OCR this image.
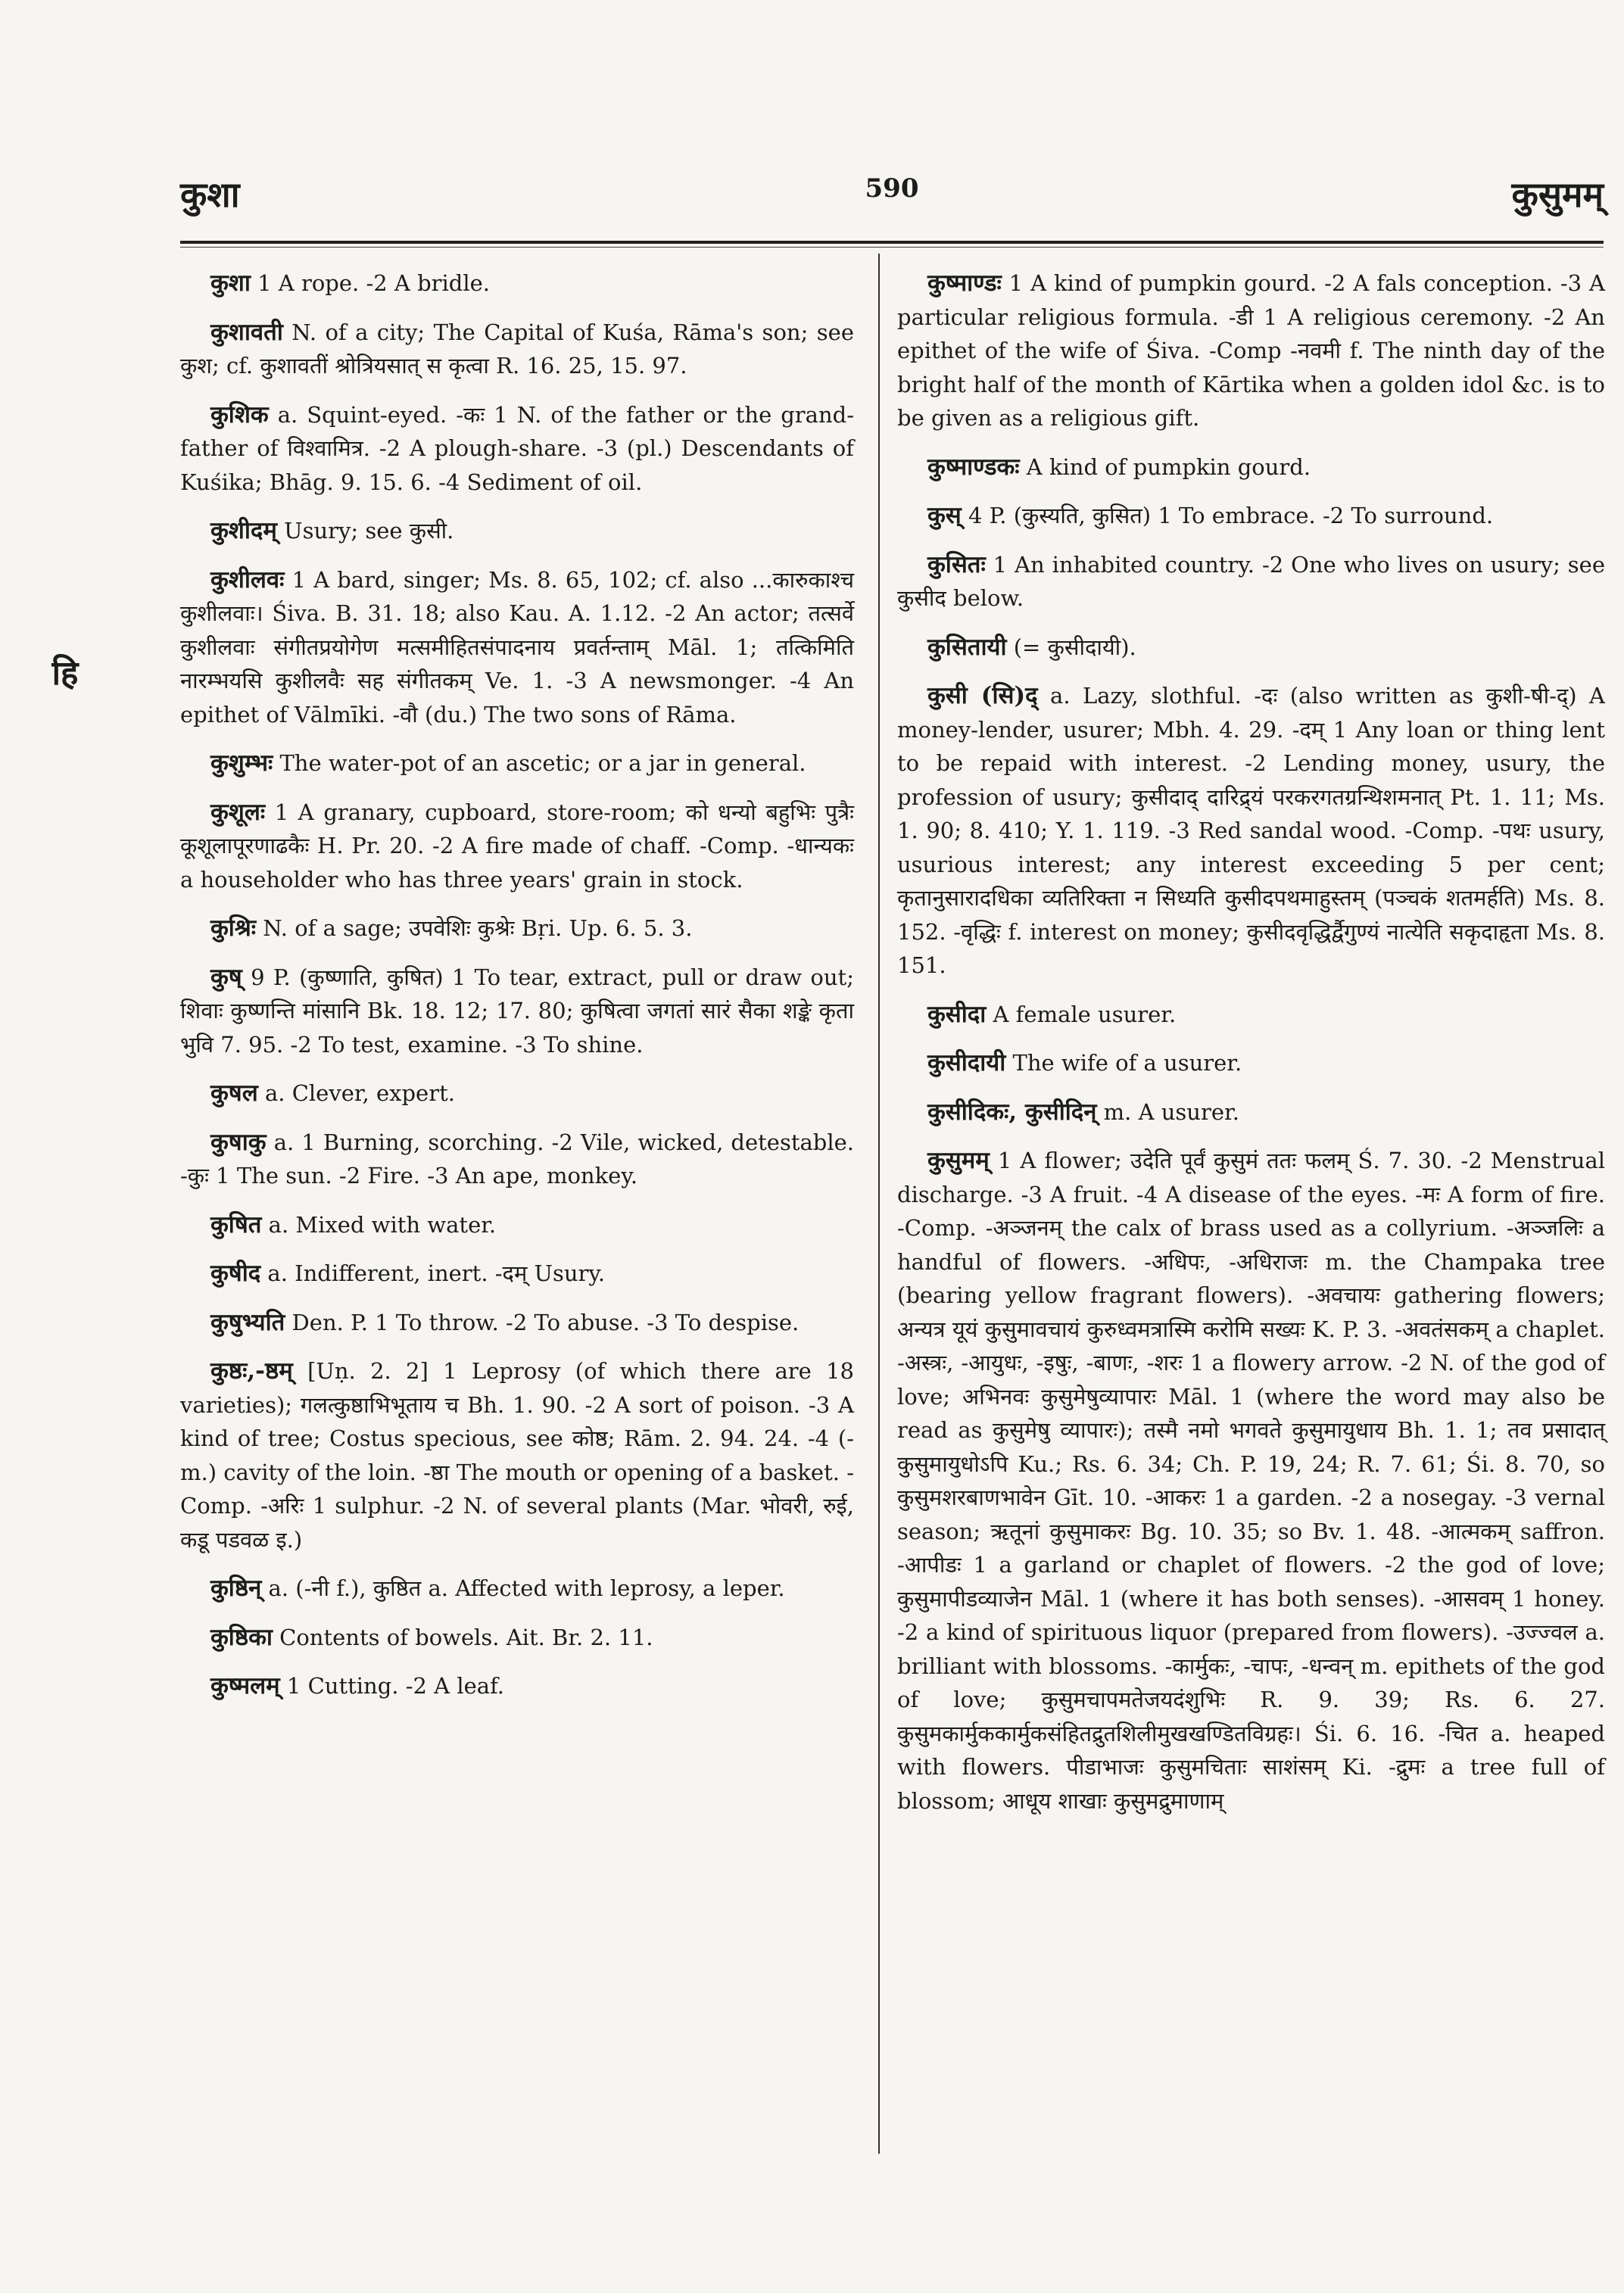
कुशा	590	कुसुमम्
हि

कुशा 1 A rope. -2 A bridle.

कुशावती N. of a city; The Capital of Kuśa, Rāma's son; see कुश; cf. कुशावतीं श्रोत्रियसात् स कृत्वा R. 16. 25, 15. 97.

कुशिक a. Squint-eyed. -कः 1 N. of the father or the grand-father of विश्वामित्र. -2 A plough-share. -3 (pl.) Descendants of Kuśika; Bhāg. 9. 15. 6. -4 Sediment of oil.

कुशीदम् Usury; see कुसी.

कुशीलवः 1 A bard, singer; Ms. 8. 65, 102; cf. also ...कारुकाश्च कुशीलवाः। Śiva. B. 31. 18; also Kau. A. 1.12. -2 An actor; तत्सर्वे कुशीलवाः संगीतप्रयोगेण मत्समीहितसंपादनाय प्रवर्तन्ताम् Māl. 1; तत्किमिति नारम्भयसि कुशीलवैः सह संगीतकम् Ve. 1. -3 A newsmonger. -4 An epithet of Vālmīki. -वौ (du.) The two sons of Rāma.

कुशुम्भः The water-pot of an ascetic; or a jar in general.

कुशूलः 1 A granary, cupboard, store-room; को धन्यो बहुभिः पुत्रैः कूशूलापूरणाढकैः H. Pr. 20. -2 A fire made of chaff. -Comp. -धान्यकः a householder who has three years' grain in stock.

कुश्रिः N. of a sage; उपवेशिः कुश्रेः Bṛi. Up. 6. 5. 3.

कुष् 9 P. (कुष्णाति, कुषित) 1 To tear, extract, pull or draw out; शिवाः कुष्णन्ति मांसानि Bk. 18. 12; 17. 80; कुषित्वा जगतां सारं सैका शङ्के कृता भुवि 7. 95. -2 To test, examine. -3 To shine.

कुषल a. Clever, expert.

कुषाकु a. 1 Burning, scorching. -2 Vile, wicked, detestable. -कुः 1 The sun. -2 Fire. -3 An ape, monkey.

कुषित a. Mixed with water.

कुषीद a. Indifferent, inert. -दम् Usury.

कुषुभ्यति Den. P. 1 To throw. -2 To abuse. -3 To despise.

कुष्ठः,-ष्ठम् [Uṇ. 2. 2] 1 Leprosy (of which there are 18 varieties); गलत्कुष्ठाभिभूताय च Bh. 1. 90. -2 A sort of poison. -3 A kind of tree; Costus specious, see कोष्ठ; Rām. 2. 94. 24. -4 (-m.) cavity of the loin. -ष्ठा The mouth or opening of a basket. -Comp. -अरिः 1 sulphur. -2 N. of several plants (Mar. भोवरी, रुई, कडू पडवळ इ.)

कुष्ठिन् a. (-नी f.), कुष्ठित a. Affected with leprosy, a leper.

कुष्ठिका Contents of bowels. Ait. Br. 2. 11.

कुष्मलम् 1 Cutting. -2 A leaf.

कुष्माण्डः 1 A kind of pumpkin gourd. -2 A fals conception. -3 A particular religious formula. -डी 1 A religious ceremony. -2 An epithet of the wife of Śiva. -Comp -नवमी f. The ninth day of the bright half of the month of Kārtika when a golden idol &c. is to be given as a religious gift.

कुष्माण्डकः A kind of pumpkin gourd.

कुस् 4 P. (कुस्यति, कुसित) 1 To embrace. -2 To surround.

कुसितः 1 An inhabited country. -2 One who lives on usury; see कुसीद below.

कुसितायी (= कुसीदायी).

कुसी (सि)द् a. Lazy, slothful. -दः (also written as कुशी-षी-द्) A money-lender, usurer; Mbh. 4. 29. -दम् 1 Any loan or thing lent to be repaid with interest. -2 Lending money, usury, the profession of usury; कुसीदाद् दारिद्र्यं परकरगतग्रन्थिशमनात् Pt. 1. 11; Ms. 1. 90; 8. 410; Y. 1. 119. -3 Red sandal wood. -Comp. -पथः usury, usurious interest; any interest exceeding 5 per cent; कृतानुसारादधिका व्यतिरिक्ता न सिध्यति कुसीदपथमाहुस्तम् (पञ्चकं शतमर्हति) Ms. 8. 152. -वृद्धिः f. interest on money; कुसीदवृद्धिर्द्वैगुण्यं नात्येति सकृदाहृता Ms. 8. 151.

कुसीदा A female usurer.

कुसीदायी The wife of a usurer.

कुसीदिकः, कुसीदिन् m. A usurer.

कुसुमम् 1 A flower; उदेति पूर्वं कुसुमं ततः फलम् Ś. 7. 30. -2 Menstrual discharge. -3 A fruit. -4 A disease of the eyes. -मः A form of fire. -Comp. -अञ्जनम् the calx of brass used as a collyrium. -अञ्जलिः a handful of flowers. -अधिपः, -अधिराजः m. the Champaka tree (bearing yellow fragrant flowers). -अवचायः gathering flowers; अन्यत्र यूयं कुसुमावचायं कुरुध्वमत्रास्मि करोमि सख्यः K. P. 3. -अवतंसकम् a chaplet. -अस्त्रः, -आयुधः, -इषुः, -बाणः, -शरः 1 a flowery arrow. -2 N. of the god of love; अभिनवः कुसुमेषुव्यापारः Māl. 1 (where the word may also be read as कुसुमेषु व्यापारः); तस्मै नमो भगवते कुसुमायुधाय Bh. 1. 1; तव प्रसादात् कुसुमायुधोऽपि Ku.; Rs. 6. 34; Ch. P. 19, 24; R. 7. 61; Śi. 8. 70, so कुसुमशरबाणभावेन Gīt. 10. -आकरः 1 a garden. -2 a nosegay. -3 vernal season; ऋतूनां कुसुमाकरः Bg. 10. 35; so Bv. 1. 48. -आत्मकम् saffron. -आपीडः 1 a garland or chaplet of flowers. -2 the god of love; कुसुमापीडव्याजेन Māl. 1 (where it has both senses). -आसवम् 1 honey. -2 a kind of spirituous liquor (prepared from flowers). -उज्ज्वल a. brilliant with blossoms. -कार्मुकः, -चापः, -धन्वन् m. epithets of the god of love; कुसुमचापमतेजयदंशुभिः R. 9. 39; Rs. 6. 27. कुसुमकार्मुककार्मुकसंहितद्रुतशिलीमुखखण्डितविग्रहः। Śi. 6. 16. -चित a. heaped with flowers. पीडाभाजः कुसुमचिताः साशंसम् Ki. -द्रुमः a tree full of blossom; आधूय शाखाः कुसुमद्रुमाणाम्
